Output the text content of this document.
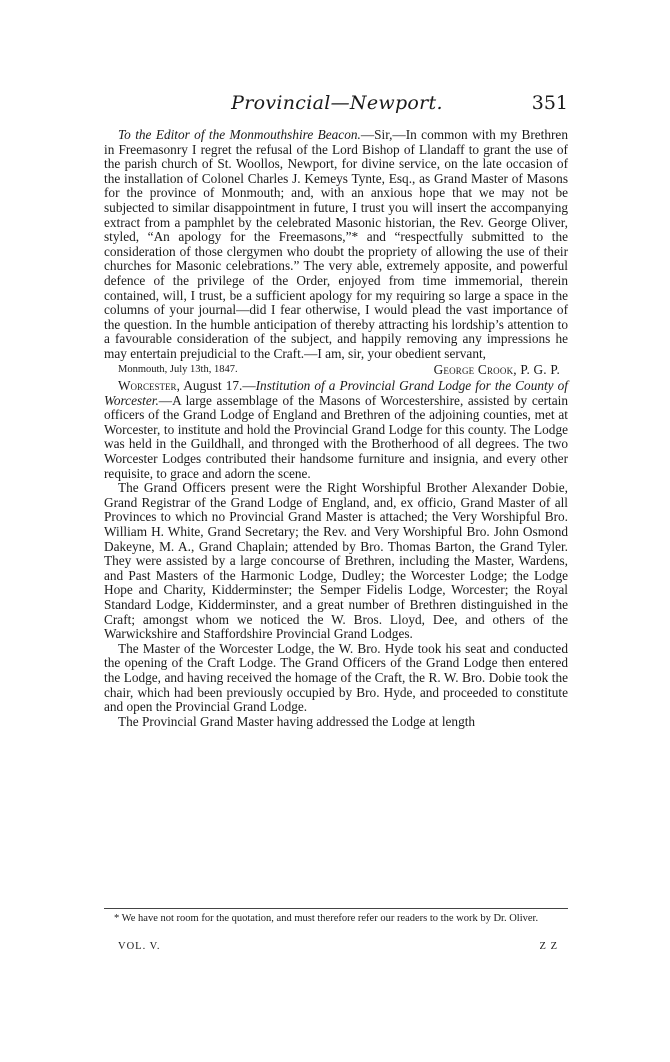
Provincial—Newport.	351

To the Editor of the Monmouthshire Beacon.—Sir,—In common with my Brethren in Freemasonry I regret the refusal of the Lord Bishop of Llandaff to grant the use of the parish church of St. Woollos, Newport, for divine service, on the late occasion of the installation of Colonel Charles J. Kemeys Tynte, Esq., as Grand Master of Masons for the province of Monmouth; and, with an anxious hope that we may not be subjected to similar disappointment in future, I trust you will insert the accompanying extract from a pamphlet by the celebrated Masonic historian, the Rev. George Oliver, styled, “An apology for the Freemasons,”* and “respectfully submitted to the consideration of those clergymen who doubt the propriety of allowing the use of their churches for Masonic celebrations.” The very able, extremely apposite, and powerful defence of the privilege of the Order, enjoyed from time immemorial, therein contained, will, I trust, be a sufficient apology for my requiring so large a space in the columns of your journal—did I fear otherwise, I would plead the vast importance of the question. In the humble anticipation of thereby attracting his lordship’s attention to a favourable consideration of the subject, and happily removing any impressions he may entertain prejudicial to the Craft.—I am, sir, your obedient servant,

Monmouth, July 13th, 1847.	George Crook, P. G. P.

Worcester, August 17.—Institution of a Provincial Grand Lodge for the County of Worcester.—A large assemblage of the Masons of Worcestershire, assisted by certain officers of the Grand Lodge of England and Brethren of the adjoining counties, met at Worcester, to institute and hold the Provincial Grand Lodge for this county. The Lodge was held in the Guildhall, and thronged with the Brotherhood of all degrees. The two Worcester Lodges contributed their handsome furniture and insignia, and every other requisite, to grace and adorn the scene.

The Grand Officers present were the Right Worshipful Brother Alexander Dobie, Grand Registrar of the Grand Lodge of England, and, ex officio, Grand Master of all Provinces to which no Provincial Grand Master is attached; the Very Worshipful Bro. William H. White, Grand Secretary; the Rev. and Very Worshipful Bro. John Osmond Dakeyne, M. A., Grand Chaplain; attended by Bro. Thomas Barton, the Grand Tyler. They were assisted by a large concourse of Brethren, including the Master, Wardens, and Past Masters of the Harmonic Lodge, Dudley; the Worcester Lodge; the Lodge Hope and Charity, Kidderminster; the Semper Fidelis Lodge, Worcester; the Royal Standard Lodge, Kidderminster, and a great number of Brethren distinguished in the Craft; amongst whom we noticed the W. Bros. Lloyd, Dee, and others of the Warwickshire and Staffordshire Provincial Grand Lodges.

The Master of the Worcester Lodge, the W. Bro. Hyde took his seat and conducted the opening of the Craft Lodge. The Grand Officers of the Grand Lodge then entered the Lodge, and having received the homage of the Craft, the R. W. Bro. Dobie took the chair, which had been previously occupied by Bro. Hyde, and proceeded to constitute and open the Provincial Grand Lodge.

The Provincial Grand Master having addressed the Lodge at length

* We have not room for the quotation, and must therefore refer our readers to the work by Dr. Oliver.

VOL. V.	Z Z
